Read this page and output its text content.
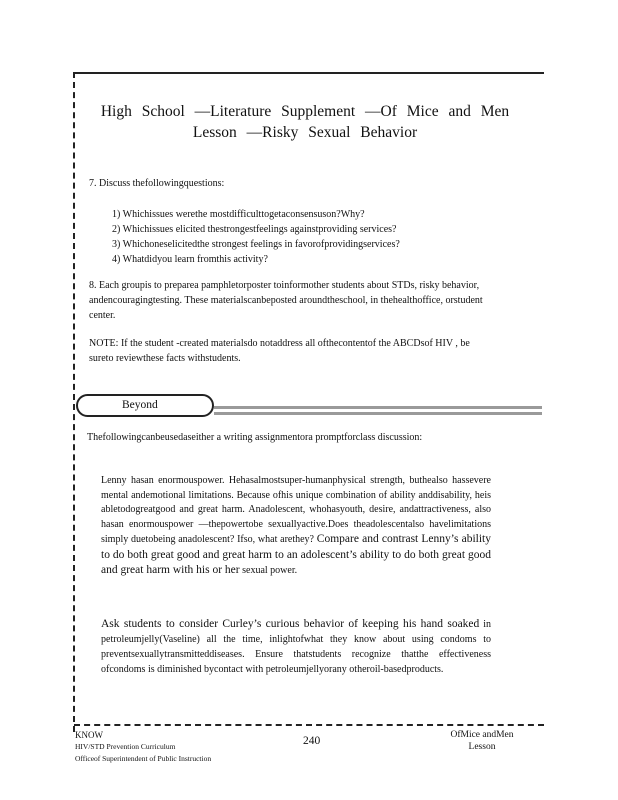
High School —Literature Supplement —Of Mice and Men
Lesson —Risky Sexual Behavior
7. Discuss thefollowingquestions:
1) Whichissues werethe mostdifficulttogetaconsensuson?Why?
2) Whichissues elicited thestrongestfeelings againstproviding services?
3) Whichoneselicitedthe strongest feelings in favorofprovidingservices?
4) Whatdidyou learn fromthis activity?
8. Each groupis to preparea pamphletorposter toinformother students about STDs, risky behavior, andencouragingtesting. These materialscanbeposted aroundtheschool, in thehealthoffice, orstudent center.
NOTE: If the student -created materialsdo notaddress all ofthecontentof the ABCDsof HIV , be sureto reviewthese facts withstudents.
Beyond
Thefollowingcanbeusedaseither a writing assignmentora promptforclass discussion:
Lenny hasan enormouspower. Hehasalmostsuper-humanphysical strength, buthealso hassevere mental andemotional limitations. Because ofhis unique combination of ability anddisability, heis abletodogreatgood and great harm. Anadolescent, whohasyouth, desire, andattractiveness, also hasan enormouspower —thepowertobe sexuallyactive.Does theadolescentalso havelimitations simply duetobeing anadolescent? Ifso, what arethey? Compare and contrast Lenny’s ability to do both great good and great harm to an adolescent’s ability to do both great good and great harm with his or her sexual power.
Ask students to consider Curley’s curious behavior of keeping his hand soaked in petroleumjelly(Vaseline) all the time, inlightofwhat they know about using condoms to preventsexuallytransmitteddiseases. Ensure thatstudents recognize thatthe effectiveness ofcondoms is diminished bycontact with petroleumjellyorany otheroil-basedproducts.
KNOW
HIV/STD Prevention Curriculum
Officeof Superintendent of Public Instruction
240	OfMice andMen
Lesson
